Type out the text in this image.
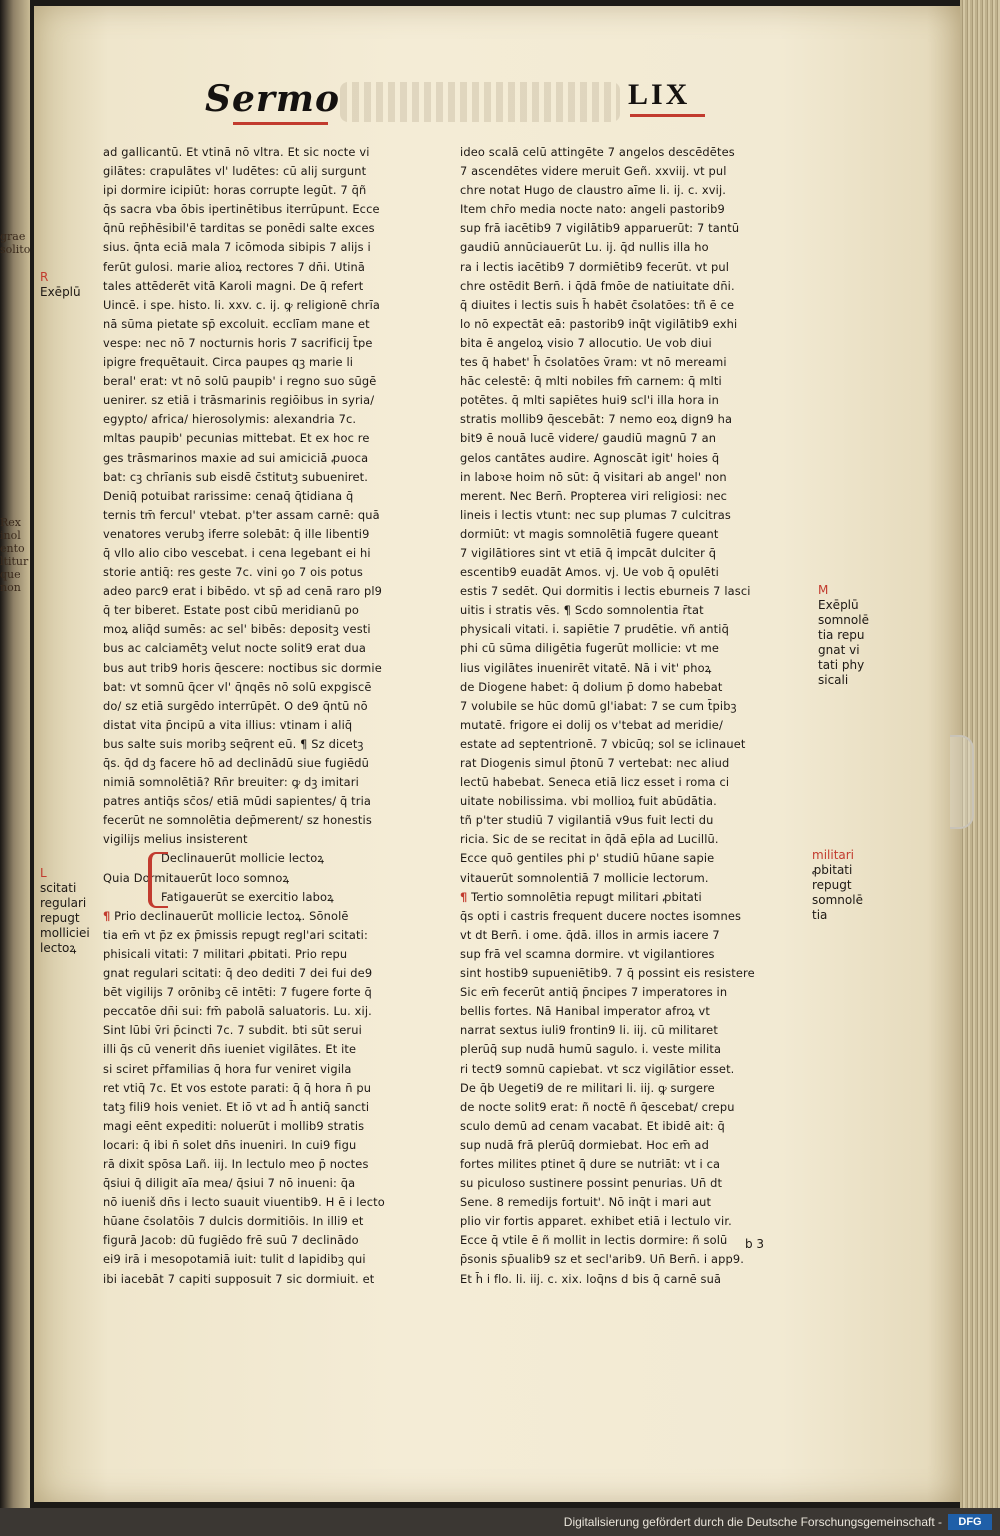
grae
solito
Rex
inol
ento
ltitur
que
non
Sermo	LIX
ad gallicantū. Et vtinā nō vltra. Et sic nocte vi
gilātes: crapulātes vl' ludētes: cū alij surgunt
ipi dormire icipiūt: horas corrupte legūt. 7 q̄ñ
q̄s sacra vba ōbis ipertinētibus iterrūpunt. Ecce
q̄nū rep̄hēsibil'ē tarditas se ponēdi salte exces
sius. q̄nta eciā mala 7 icōmoda sibipis 7 alijs i
ferūt gulosi. marie alioꝝ rectores 7 dn̄i. Utinā
tales attēderēt vitā Karoli magni. De q̄ refert
Uincē. i spe. histo. li. xxv. c. ij. ꝙ religionē chrīa
nā sūma pietate sp̄ excoluit. ecclīam mane et
vespe: nec nō 7 nocturnis horis 7 sacrificij t̄pe
ipigre frequētauit. Circa paupes qꝫ marie li
beral' erat: vt nō solū paupib' i regno suo sūgē
uenirer. sz etiā i trāsmarinis regiōibus in syria/
egypto/ africa/ hierosolymis: alexandria 7c.
mltas paupib' pecunias mittebat. Et ex hoc re
ges trāsmarinos maxie ad sui amiciciā ꝓuoca
bat: cꝫ chrīanis sub eisdē c̄stitutꝫ subueniret.
Deniq̄ potuibat rarissime: cenaq̄ q̄tidiana q̄
ternis tm̄ fercul' vtebat. p'ter assam carnē: quā
venatores verubꝫ iferre solebāt: q̄ ille libenti9
q̄ vllo alio cibo vescebat. i cena legebant ei hi
storie antiq̄: res geste 7c. vini ꝯo 7 ois potus
adeo parc9 erat i bibēdo. vt sp̄ ad cenā raro pl9
q̄ ter biberet. Estate post cibū meridianū po
moꝝ aliq̄d sumēs: ac sel' bibēs: depositꝫ vesti
bus ac calciamētꝫ velut nocte solit9 erat dua
bus aut trib9 horis q̄escere: noctibus sic dormie
bat: vt somnū q̄cer vl' q̄nqēs nō solū expgiscē
do/ sz etiā surgēdo interrūpēt. O de9 q̄ntū nō
distat vita p̄ncipū a vita illius: vtinam i aliq̄
bus salte suis moribꝫ seq̄rent eū. ¶ Sz dicetꝫ
q̄s. q̄d dꝫ facere hō ad declinādū siue fugiēdū
nimiā somnolētiā? Rn̄r breuiter: ꝙ dꝫ imitari
patres antiq̄s sc̄os/ etiā mūdi sapientes/ q̄ tria
fecerūt ne somnolētia dep̄merent/ sz honestis
vigilijs melius insisterent
Declinauerūt mollicie lectoꝝ
Quia Dormitauerūt loco somnoꝝ
Fatigauerūt se exercitio laboꝝ
¶ Prio declinauerūt mollicie lectoꝝ. Sōnolē
tia em̄ vt p̄z ex p̄missis repugt regl'ari scitati:
phisicali vitati: 7 militari ꝓbitati. Prio repu
gnat regulari scitati: q̄ deo dediti 7 dei fui de9
bēt vigilijs 7 orōnibꝫ cē intēti: 7 fugere forte q̄
peccatōe dn̄i sui: fm̄ pabolā saluatoris. Lu. xij.
Sint lūbi v̄ri p̄cincti 7c. 7 subdit. bti sūt serui
illi q̄s cū venerit dn̄s iueniet vigilātes. Et ite
si sciret pr̄familias q̄ hora fur veniret vigila
ret vtiq̄ 7c. Et vos estote parati: q̄ q̄ hora n̄ pu
tatꝫ fili9 hois veniet. Et iō vt ad h̄ antiq̄ sancti
magi eēnt expediti: noluerūt i mollib9 stratis
locari: q̄ ibi n̄ solet dn̄s inueniri. In cui9 figu
rā dixit spōsa Lañ. iij. In lectulo meo p̄ noctes
q̄siui q̄ diligit aīa mea/ q̄siui 7 nō inueni: q̄a
nō iueniš dn̄s i lecto suauit viuentib9. H ē i lecto
hūane c̄solatōis 7 dulcis dormitiōis. In illi9 et
figurā Jacob: dū fugiēdo frē suū 7 declinādo
ei9 irā i mesopotamiā iuit: tulit d lapidibꝫ qui
ibi iacebāt 7 capiti supposuit 7 sic dormiuit. et
ideo scalā celū attingēte 7 angelos descēdētes
7 ascendētes videre meruit Geñ. xxviij. vt pul
chre notat Hugo de claustro aīme li. ij. c. xvij.
Item chr̄o media nocte nato: angeli pastorib9
sup frā iacētib9 7 vigilātib9 apparuerūt: 7 tantū
gaudiū annūciauerūt Lu. ij. q̄d nullis illa ho
ra i lectis iacētib9 7 dormiētib9 fecerūt. vt pul
chre ostēdit Bern̄. i q̄dā fmōe de natiuitate dn̄i.
q̄ diuites i lectis suis h̄ habēt c̄solatōes: tñ ē ce
lo nō expectāt eā: pastorib9 inq̄t vigilātib9 exhi
bita ē angeloꝝ visio 7 allocutio. Ue vob diui
tes q̄ habet' h̄ c̄solatōes v̄ram: vt nō mereami
hāc celestē: q̄ mlti nobiles fm̄ carnem: q̄ mlti
potētes. q̄ mlti sapiētes hui9 scl'i illa hora in
stratis mollib9 q̄escebāt: 7 nemo eoꝝ dign9 ha
bit9 ē nouā lucē videre/ gaudiū magnū 7 an
gelos cantātes audire. Agnoscāt igit' hoies q̄
in laboꝛe hoim nō sūt: q̄ visitari ab angel' non
merent. Nec Bern̄. Propterea viri religiosi: nec
lineis i lectis vtunt: nec sup plumas 7 culcitras
dormiūt: vt magis somnolētiā fugere queant
7 vigilātiores sint vt etiā q̄ impcāt dulciter q̄
escentib9 euadāt Amos. vj. Ue vob q̄ opulēti
estis 7 sedēt. Qui dormitis i lectis eburneis 7 lasci
uitis i stratis vēs. ¶ Scdo somnolentia r̄tat
physicali vitati. i. sapiētie 7 prudētie. vñ antiq̄
phi cū sūma diligētia fugerūt mollicie: vt me
lius vigilātes inuenirēt vitatē. Nā i vit' phoꝝ
de Diogene habet: q̄ dolium p̄ domo habebat
7 volubile se hūc domū gl'iabat: 7 se cum t̄pibꝫ
mutatē. frigore ei dolij os v'tebat ad meridie/
estate ad septentrionē. 7 vbicūq; sol se iclinauet
rat Diogenis simul p̄tonū 7 vertebat: nec aliud
lectū habebat. Seneca etiā licz esset i roma ci
uitate nobilissima. vbi mollioꝝ fuit abūdātia.
tñ p'ter studiū 7 vigilantiā v9us fuit lecti du
ricia. Sic de se recitat in q̄dā ep̄la ad Lucillū.
Ecce quō gentiles phi p' studiū hūane sapie
vitauerūt somnolentiā 7 mollicie lectorum.
¶ Tertio somnolētia repugt militari ꝓbitati
q̄s opti i castris frequent ducere noctes isomnes
vt dt Bern̄. i ome. q̄dā. illos in armis iacere 7
sup frā vel scamna dormire. vt vigilantiores
sint hostib9 supueniētib9. 7 q̄ possint eis resistere
Sic em̄ fecerūt antiq̄ p̄ncipes 7 imperatores in
bellis fortes. Nā Hanibal imperator afroꝝ vt
narrat sextus iuli9 frontin9 li. iij. cū militaret
plerūq̄ sup nudā humū sagulo. i. veste milita
ri tect9 somnū capiebat. vt scz vigilātior esset.
De q̄b Uegeti9 de re militari li. iij. ꝙ surgere
de nocte solit9 erat: ñ noctē ñ q̄escebat/ crepu
sculo demū ad cenam vacabat. Et ibidē ait: q̄
sup nudā frā plerūq̄ dormiebat. Hoc em̄ ad
fortes milites ptinet q̄ dure se nutriāt: vt i ca
su piculoso sustinere possint penurias. Un̄ dt
Sene. 8 remedijs fortuit'. Nō inq̄t i mari aut
plio vir fortis apparet. exhibet etiā i lectulo vir.
Ecce q̄ vtile ē ñ mollit in lectis dormire: ñ solū
p̄sonis sp̄ualib9 sz et secl'arib9. Un̄ Bern̄. i app9.
Et h̄ i flo. li. iij. c. xix. loq̄ns d bis q̄ carnē suā
R
Exēplū
L
scitati
regulari
repugt
molliciei
lectoꝝ
M
Exēplū
somnolē
tia repu
gnat vi
tati phy
sicali
militari
ꝓbitati
repugt
somnolē
tia
b 3
Digitalisierung gefördert durch die Deutsche Forschungsgemeinschaft -	DFG
